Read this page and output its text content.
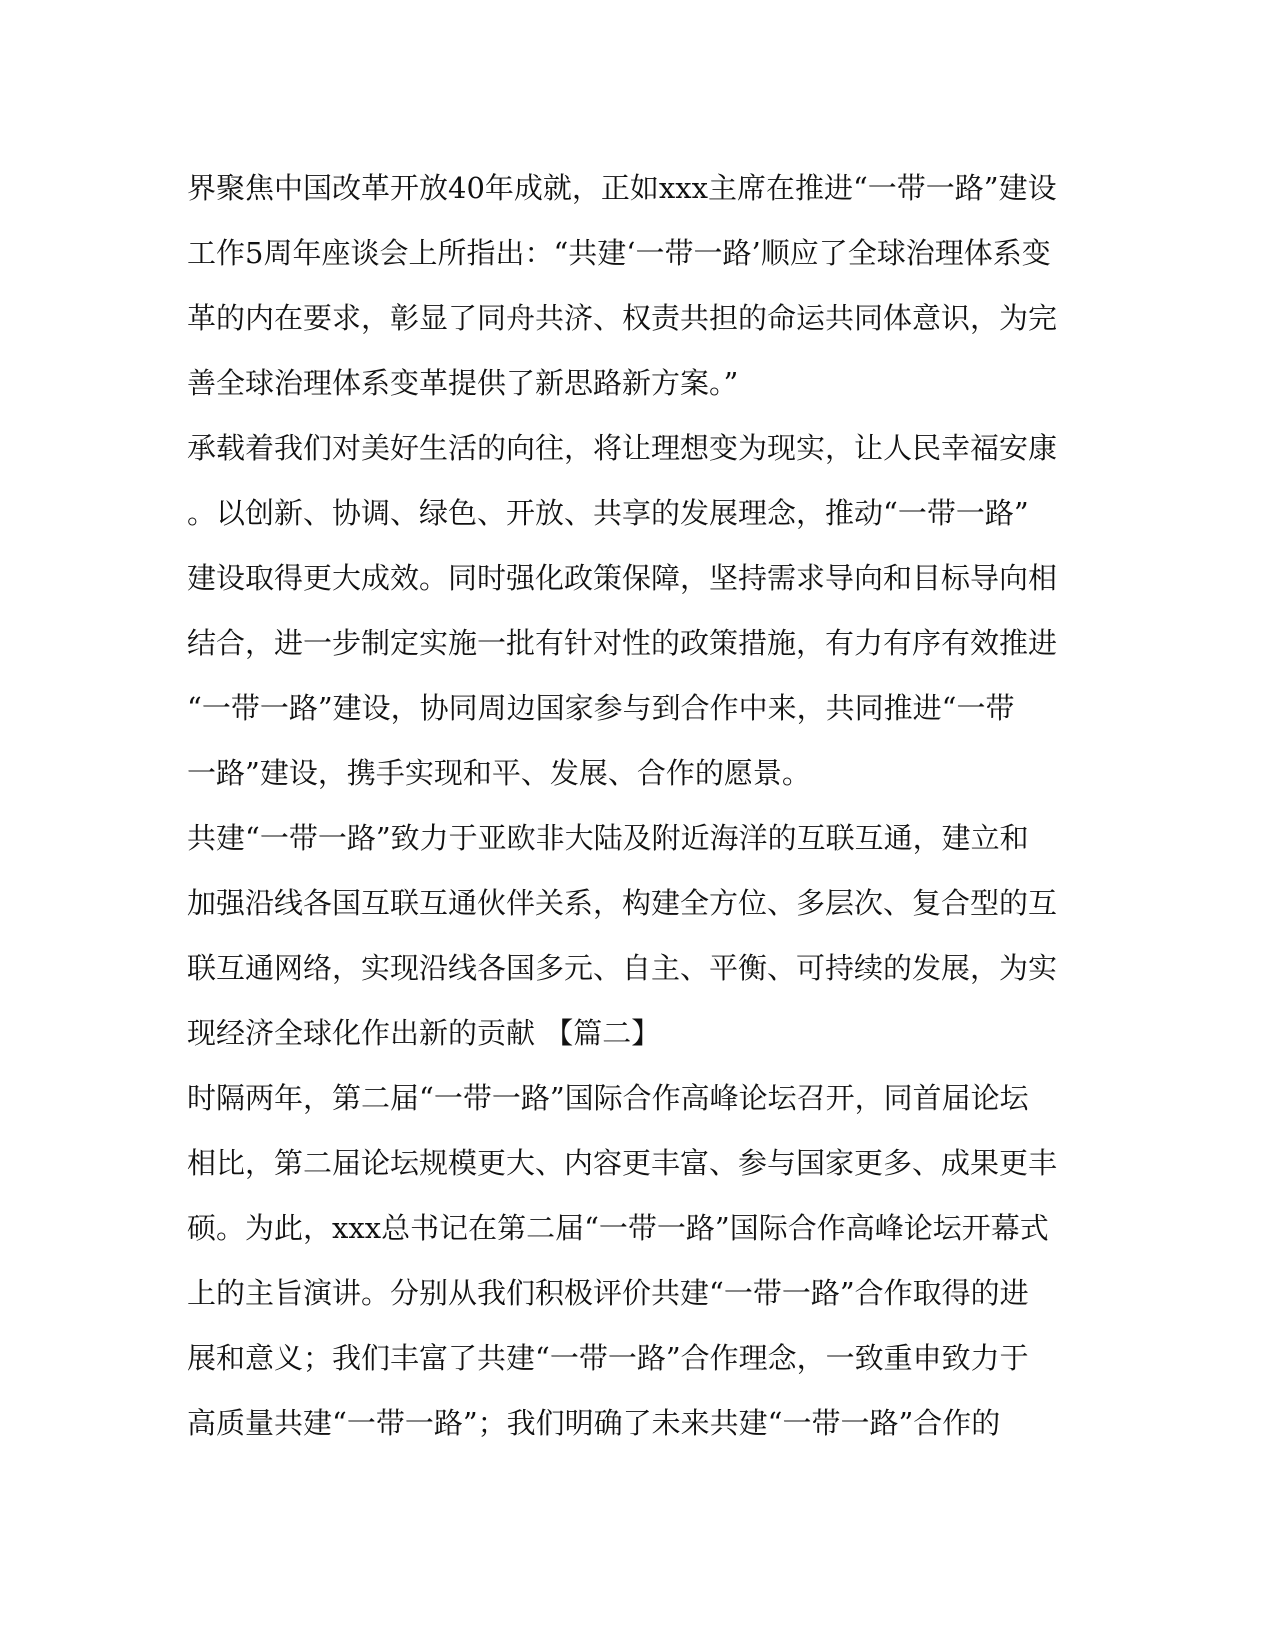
界聚焦中国改革开放40年成就，正如xxx主席在推进“一带一路”建设
工作5周年座谈会上所指出：“共建‘一带一路’顺应了全球治理体系变
革的内在要求，彰显了同舟共济、权责共担的命运共同体意识，为完
善全球治理体系变革提供了新思路新方案。”
承载着我们对美好生活的向往，将让理想变为现实，让人民幸福安康
。以创新、协调、绿色、开放、共享的发展理念，推动“一带一路”
建设取得更大成效。同时强化政策保障，坚持需求导向和目标导向相
结合，进一步制定实施一批有针对性的政策措施，有力有序有效推进
“一带一路”建设，协同周边国家参与到合作中来，共同推进“一带
一路”建设，携手实现和平、发展、合作的愿景。
共建“一带一路”致力于亚欧非大陆及附近海洋的互联互通，建立和
加强沿线各国互联互通伙伴关系，构建全方位、多层次、复合型的互
联互通网络，实现沿线各国多元、自主、平衡、可持续的发展，为实
现经济全球化作出新的贡献 【篇二】
时隔两年，第二届“一带一路”国际合作高峰论坛召开，同首届论坛
相比，第二届论坛规模更大、内容更丰富、参与国家更多、成果更丰
硕。为此，xxx总书记在第二届“一带一路”国际合作高峰论坛开幕式
上的主旨演讲。分别从我们积极评价共建“一带一路”合作取得的进
展和意义；我们丰富了共建“一带一路”合作理念，一致重申致力于
高质量共建“一带一路”；我们明确了未来共建“一带一路”合作的
